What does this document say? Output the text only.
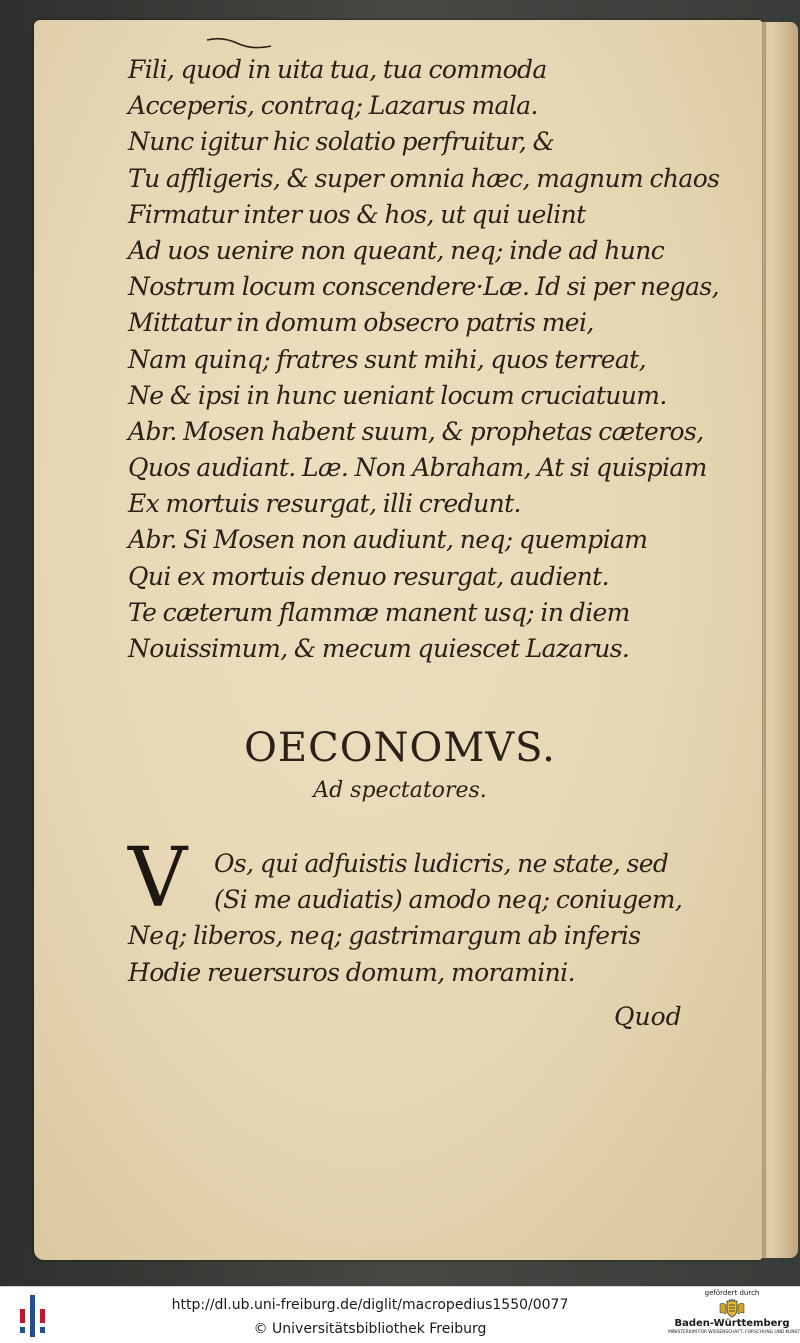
Fili, quod in uita tua, tua commoda
Acceperis, contraq; Lazarus mala.
Nunc igitur hic solatio perfruitur, &
Tu affligeris, & super omnia hæc, magnum chaos
Firmatur inter uos & hos, ut qui uelint
Ad uos uenire non queant, neq; inde ad hunc
Nostrum locum conscendere·Læ. Id si per negas,
Mittatur in domum obsecro patris mei,
Nam quinq; fratres sunt mihi, quos terreat,
Ne & ipsi in hunc ueniant locum cruciatuum.
Abr. Mosen habent suum, & prophetas cæteros,
Quos audiant. Læ. Non Abraham, At si quispiam
Ex mortuis resurgat, illi credunt.
Abr. Si Mosen non audiunt, neq; quempiam
Qui ex mortuis denuo resurgat, audient.
Te cæterum flammæ manent usq; in diem
Nouissimum, & mecum quiescet Lazarus.
OECONOMVS.
Ad spectatores.
V	Os, qui adfuistis ludicris, ne state, sed
(Si me audiatis) amodo neq; coniugem,
Neq; liberos, neq; gastrimargum ab inferis
Hodie reuersuros domum, moramini.
Quod
http://dl.ub.uni-freiburg.de/diglit/macropedius1550/0077
© Universitätsbibliothek Freiburg
gefördert durch
Baden-Württemberg
MINISTERIUM FÜR WISSENSCHAFT, FORSCHUNG UND KUNST
